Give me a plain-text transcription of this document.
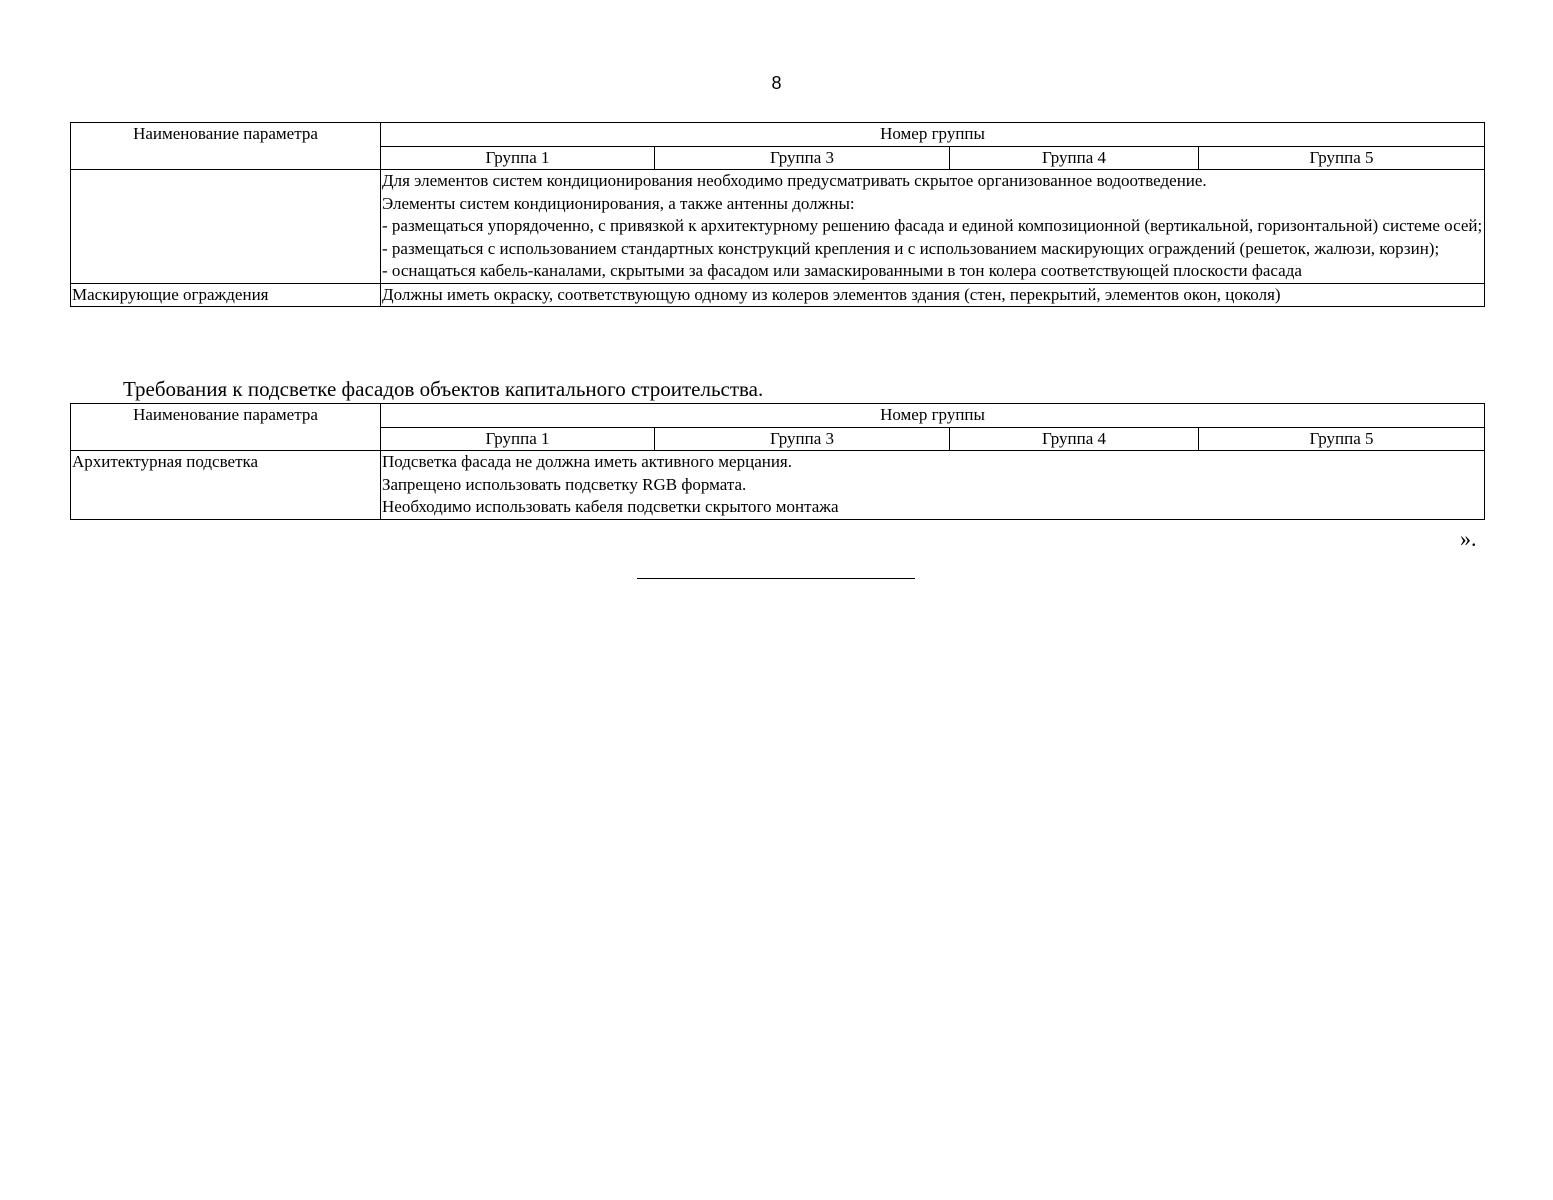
8
Наименование параметра	Номер группы			
	Группа 1	Группа 3	Группа 4	Группа 5

	Для элементов систем кондиционирования необходимо предусматривать скрытое организованное водоотведение.
Элементы систем кондиционирования, а также антенны должны:
- размещаться упорядоченно, с привязкой к архитектурному решению фасада и единой композиционной (вертикальной, горизонтальной) системе осей;
- размещаться с использованием стандартных конструкций крепления и с использованием маскирующих ограждений (решеток, жалюзи, корзин);
- оснащаться кабель-каналами, скрытыми за фасадом или замаскированными в тон колера соответствующей плоскости фасада			

Маскирующие ограждения	Должны иметь окраску, соответствующую одному из колеров элементов здания (стен, перекрытий, элементов окон, цоколя)			
Требования к подсветке фасадов объектов капитального строительства.
Наименование параметра	Номер группы			
	Группа 1	Группа 3	Группа 4	Группа 5
Архитектурная подсветка	Подсветка фасада не должна иметь активного мерцания.
Запрещено использовать подсветку RGB формата.
Необходимо использовать кабеля подсветки скрытого монтажа			
».
